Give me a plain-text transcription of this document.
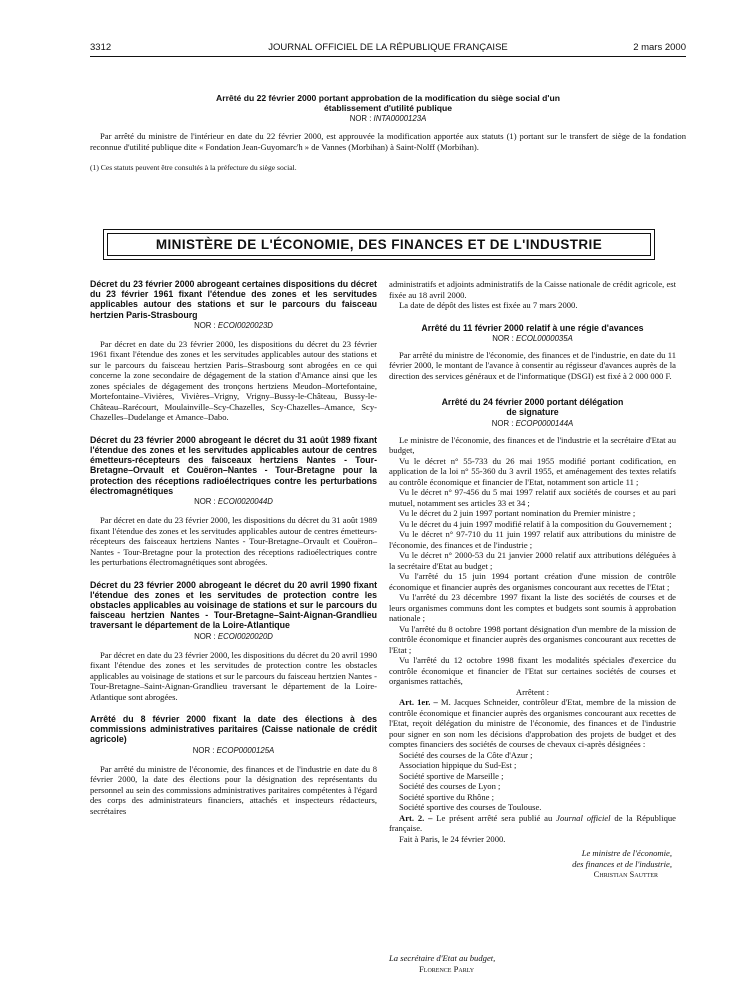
3312	JOURNAL OFFICIEL DE LA RÉPUBLIQUE FRANÇAISE	2 mars 2000
Arrêté du 22 février 2000 portant approbation de la modification du siège social d'un établissement d'utilité publique
NOR : INTA0000123A

Par arrêté du ministre de l'intérieur en date du 22 février 2000, est approuvée la modification apportée aux statuts (1) portant sur le transfert de siège de la fondation reconnue d'utilité publique dite « Fondation Jean-Guyomarc'h » de Vannes (Morbihan) à Saint-Nolff (Morbihan).

(1) Ces statuts peuvent être consultés à la préfecture du siège social.

MINISTÈRE DE L'ÉCONOMIE, DES FINANCES ET DE L'INDUSTRIE
Décret du 23 février 2000 abrogeant certaines dispositions du décret du 23 février 1961 fixant l'étendue des zones et les servitudes applicables autour des stations et sur le parcours du faisceau hertzien Paris-Strasbourg
NOR : ECOI0020023D

Par décret en date du 23 février 2000, les dispositions du décret du 23 février 1961 fixant l'étendue des zones et les servitudes applicables autour des stations et sur le parcours du faisceau hertzien Paris–Strasbourg sont abrogées en ce qui concerne la zone secondaire de dégagement de la station d'Amance ainsi que les zones spéciales de dégagement des tronçons hertziens Meudon–Mortefontaine, Mortefontaine–Vivières, Vivières–Vrigny, Vrigny–Bussy-le-Château, Bussy-le-Château–Rarécourt, Moulainville–Scy-Chazelles, Scy-Chazelles–Amance, Scy-Chazelles–Dudelange et Amance–Dabo.

Décret du 23 février 2000 abrogeant le décret du 31 août 1989 fixant l'étendue des zones et les servitudes applicables autour de centres émetteurs-récepteurs des faisceaux hertziens Nantes - Tour-Bretagne–Orvault et Couëron–Nantes - Tour-Bretagne pour la protection des réceptions radioélectriques contre les perturbations électromagnétiques
NOR : ECOI0020044D

Par décret en date du 23 février 2000, les dispositions du décret du 31 août 1989 fixant l'étendue des zones et les servitudes applicables autour de centres émetteurs-récepteurs des faisceaux hertziens Nantes - Tour-Bretagne–Orvault et Couëron–Nantes - Tour-Bretagne pour la protection des réceptions radioélectriques contre les perturbations électromagnétiques sont abrogées.

Décret du 23 février 2000 abrogeant le décret du 20 avril 1990 fixant l'étendue des zones et les servitudes de protection contre les obstacles applicables au voisinage de stations et sur le parcours du faisceau hertzien Nantes - Tour-Bretagne–Saint-Aignan-Grandlieu traversant le département de la Loire-Atlantique
NOR : ECOI0020020D

Par décret en date du 23 février 2000, les dispositions du décret du 20 avril 1990 fixant l'étendue des zones et les servitudes de protection contre les obstacles applicables au voisinage de stations et sur le parcours du faisceau hertzien Nantes - Tour-Bretagne–Saint-Aignan-Grandlieu traversant le département de la Loire-Atlantique sont abrogées.

Arrêté du 8 février 2000 fixant la date des élections à des commissions administratives paritaires (Caisse nationale de crédit agricole)
NOR : ECOP0000125A

Par arrêté du ministre de l'économie, des finances et de l'industrie en date du 8 février 2000, la date des élections pour la désignation des représentants du personnel au sein des commissions administratives paritaires compétentes à l'égard des corps des administrateurs financiers, attachés et inspecteurs rédacteurs, secrétaires

administratifs et adjoints administratifs de la Caisse nationale de crédit agricole, est fixée au 18 avril 2000.

La date de dépôt des listes est fixée au 7 mars 2000.

Arrêté du 11 février 2000 relatif à une régie d'avances
NOR : ECOL0000035A

Par arrêté du ministre de l'économie, des finances et de l'industrie, en date du 11 février 2000, le montant de l'avance à consentir au régisseur d'avances auprès de la direction des services généraux et de l'informatique (DSGI) est fixé à 2 000 000 F.

Arrêté du 24 février 2000 portant délégation de signature
NOR : ECOP0000144A

Le ministre de l'économie, des finances et de l'industrie et la secrétaire d'Etat au budget,

Vu le décret n° 55-733 du 26 mai 1955 modifié portant codification, en application de la loi n° 55-360 du 3 avril 1955, et aménagement des textes relatifs au contrôle économique et financier de l'Etat, notamment son article 11 ;

Vu le décret n° 97-456 du 5 mai 1997 relatif aux sociétés de courses et au pari mutuel, notamment ses articles 33 et 34 ;

Vu le décret du 2 juin 1997 portant nomination du Premier ministre ;

Vu le décret du 4 juin 1997 modifié relatif à la composition du Gouvernement ;

Vu le décret n° 97-710 du 11 juin 1997 relatif aux attributions du ministre de l'économie, des finances et de l'industrie ;

Vu le décret n° 2000-53 du 21 janvier 2000 relatif aux attributions déléguées à la secrétaire d'Etat au budget ;

Vu l'arrêté du 15 juin 1994 portant création d'une mission de contrôle économique et financier auprès des organismes concourant aux recettes de l'Etat ;

Vu l'arrêté du 23 décembre 1997 fixant la liste des sociétés de courses et de leurs organismes communs dont les comptes et budgets sont soumis à approbation nationale ;

Vu l'arrêté du 8 octobre 1998 portant désignation d'un membre de la mission de contrôle économique et financier auprès des organismes concourant aux recettes de l'Etat ;

Vu l'arrêté du 12 octobre 1998 fixant les modalités spéciales d'exercice du contrôle économique et financier de l'Etat sur certaines sociétés de courses et organismes rattachés,

Arrêtent :

Art. 1er. – M. Jacques Schneider, contrôleur d'Etat, membre de la mission de contrôle économique et financier auprès des organismes concourant aux recettes de l'Etat, reçoit délégation du ministre de l'économie, des finances et de l'industrie pour signer en son nom les décisions d'approbation des projets de budget et des comptes financiers des sociétés de courses de chevaux ci-après désignées :

Société des courses de la Côte d'Azur ;

Association hippique du Sud-Est ;

Société sportive de Marseille ;

Société des courses de Lyon ;

Société sportive du Rhône ;

Société sportive des courses de Toulouse.

Art. 2. – Le présent arrêté sera publié au Journal officiel de la République française.

Fait à Paris, le 24 février 2000.

Le ministre de l'économie,
des finances et de l'industrie,
Christian Sautter
La secrétaire d'Etat au budget,
Florence Parly
